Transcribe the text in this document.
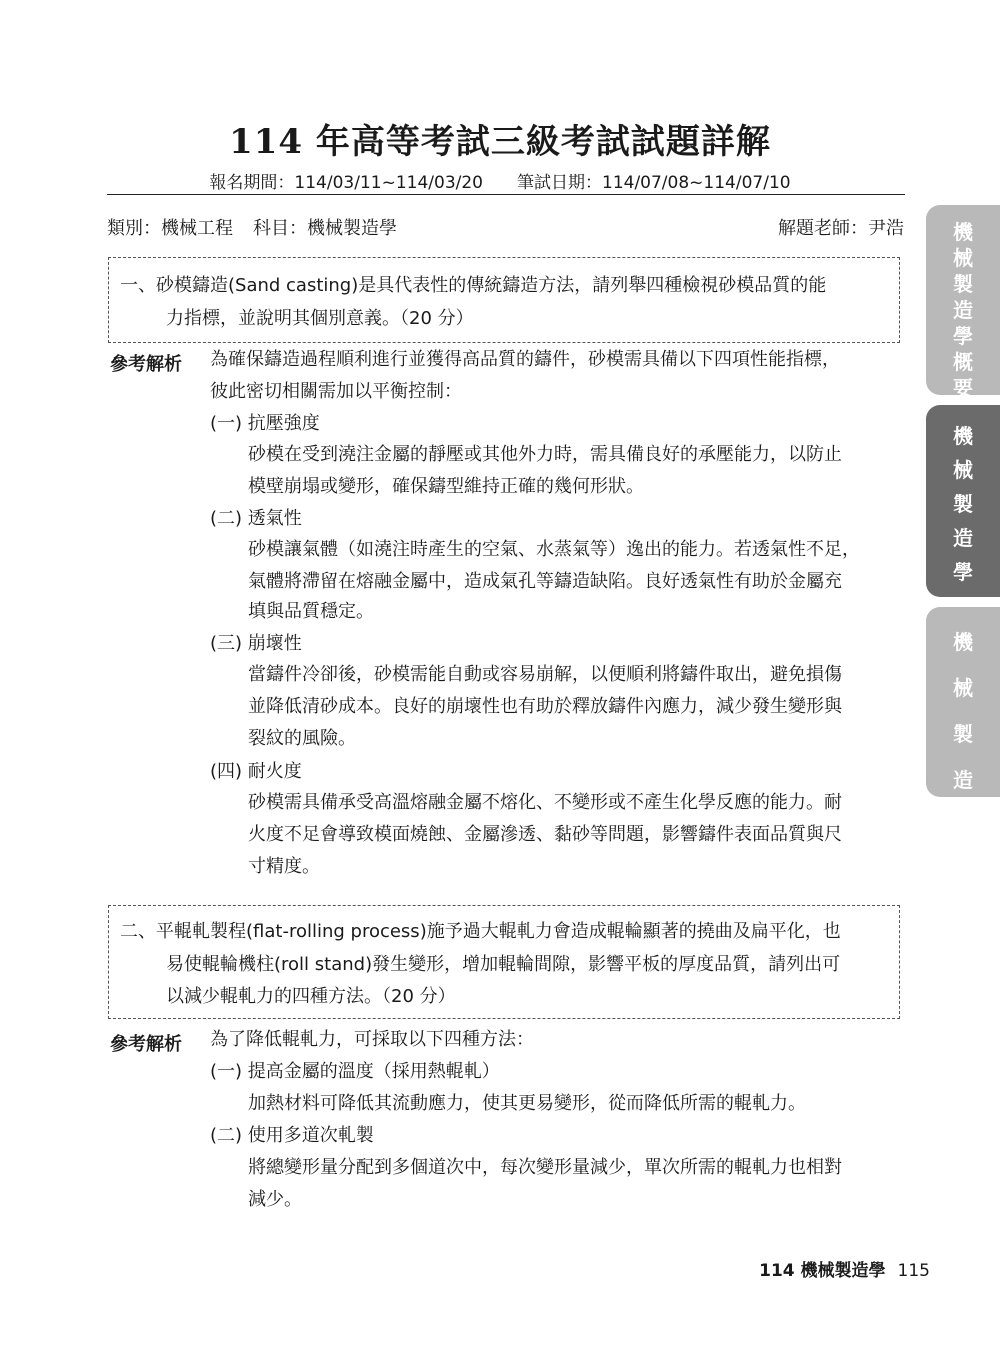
114 年高等考試三級考試試題詳解
報名期間：114/03/11~114/03/20 筆試日期：114/07/08~114/07/10
類別：機械工程 科目：機械製造學	解題老師：尹浩
一、砂模鑄造(Sand casting)是具代表性的傳統鑄造方法，請列舉四種檢視砂模品質的能
力指標，並說明其個別意義。（20 分）
參考解析 為確保鑄造過程順利進行並獲得高品質的鑄件，砂模需具備以下四項性能指標，
彼此密切相關需加以平衡控制：
(一) 抗壓強度
砂模在受到澆注金屬的靜壓或其他外力時，需具備良好的承壓能力，以防止
模壁崩塌或變形，確保鑄型維持正確的幾何形狀。
(二) 透氣性
砂模讓氣體（如澆注時產生的空氣、水蒸氣等）逸出的能力。若透氣性不足，
氣體將滯留在熔融金屬中，造成氣孔等鑄造缺陷。良好透氣性有助於金屬充
填與品質穩定。
(三) 崩壞性
當鑄件冷卻後，砂模需能自動或容易崩解，以便順利將鑄件取出，避免損傷
並降低清砂成本。良好的崩壞性也有助於釋放鑄件內應力，減少發生變形與
裂紋的風險。
(四) 耐火度
砂模需具備承受高溫熔融金屬不熔化、不變形或不產生化學反應的能力。耐
火度不足會導致模面燒蝕、金屬滲透、黏砂等問題，影響鑄件表面品質與尺
寸精度。
二、平輥軋製程(flat-rolling process)施予過大輥軋力會造成輥輪顯著的撓曲及扁平化，也
易使輥輪機柱(roll stand)發生變形，增加輥輪間隙，影響平板的厚度品質，請列出可
以減少輥軋力的四種方法。（20 分）
參考解析 為了降低輥軋力，可採取以下四種方法：
(一) 提高金屬的溫度（採用熱輥軋）
加熱材料可降低其流動應力，使其更易變形，從而降低所需的輥軋力。
(二) 使用多道次軋製
將總變形量分配到多個道次中，每次變形量減少，單次所需的輥軋力也相對
減少。
114 機械製造學 115
機
械
製
造
學
概
要
機
械
製
造
學
機
械
製
造
